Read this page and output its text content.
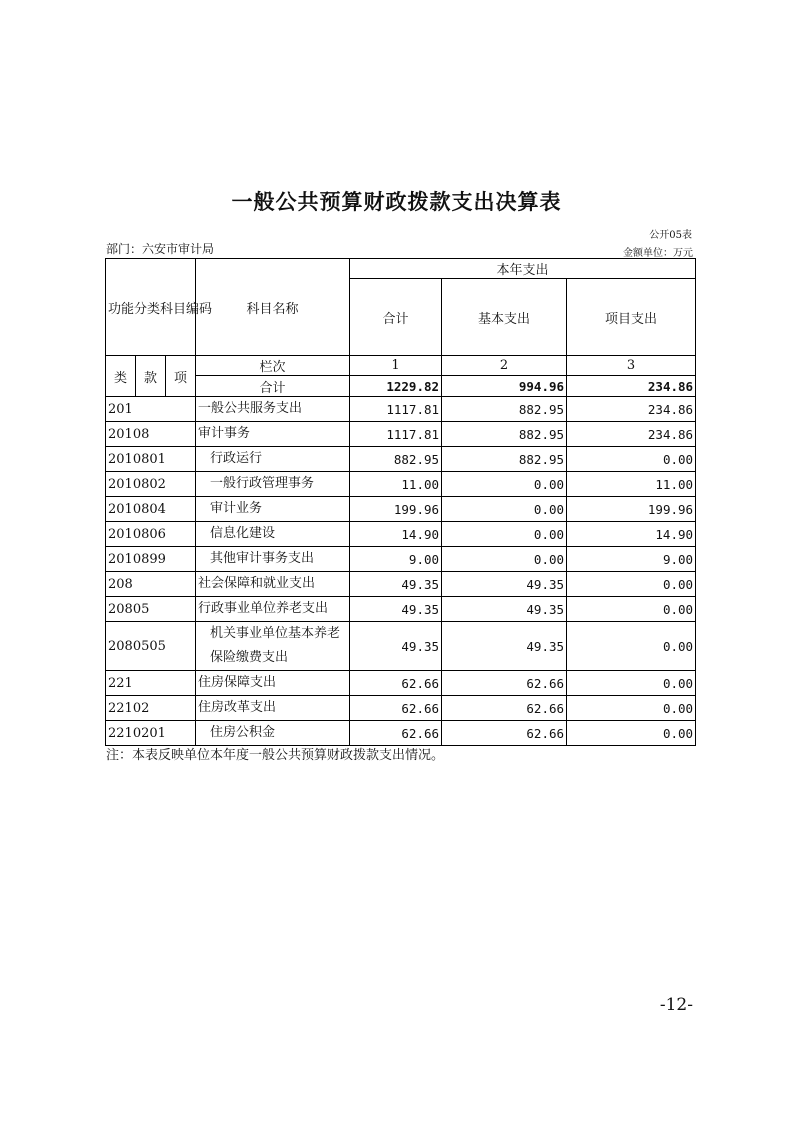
一般公共预算财政拨款支出决算表
公开05表
部门：六安市审计局	金额单位：万元
功能分类科目编码			科目名称	本年支出		
				合计	基本支出	项目支出
类	款	项	栏次	1	2	3
			合计	1229.82	994.96	234.86
201			一般公共服务支出	1117.81	882.95	234.86
20108			审计事务	1117.81	882.95	234.86
2010801			行政运行	882.95	882.95	0.00
2010802			一般行政管理事务	11.00	0.00	11.00
2010804			审计业务	199.96	0.00	199.96
2010806			信息化建设	14.90	0.00	14.90
2010899			其他审计事务支出	9.00	0.00	9.00
208			社会保障和就业支出	49.35	49.35	0.00
20805			行政事业单位养老支出	49.35	49.35	0.00
2080505			机关事业单位基本养老保险缴费支出	49.35	49.35	0.00
221			住房保障支出	62.66	62.66	0.00
22102			住房改革支出	62.66	62.66	0.00
2210201			住房公积金	62.66	62.66	0.00
注：本表反映单位本年度一般公共预算财政拨款支出情况。
-12-
